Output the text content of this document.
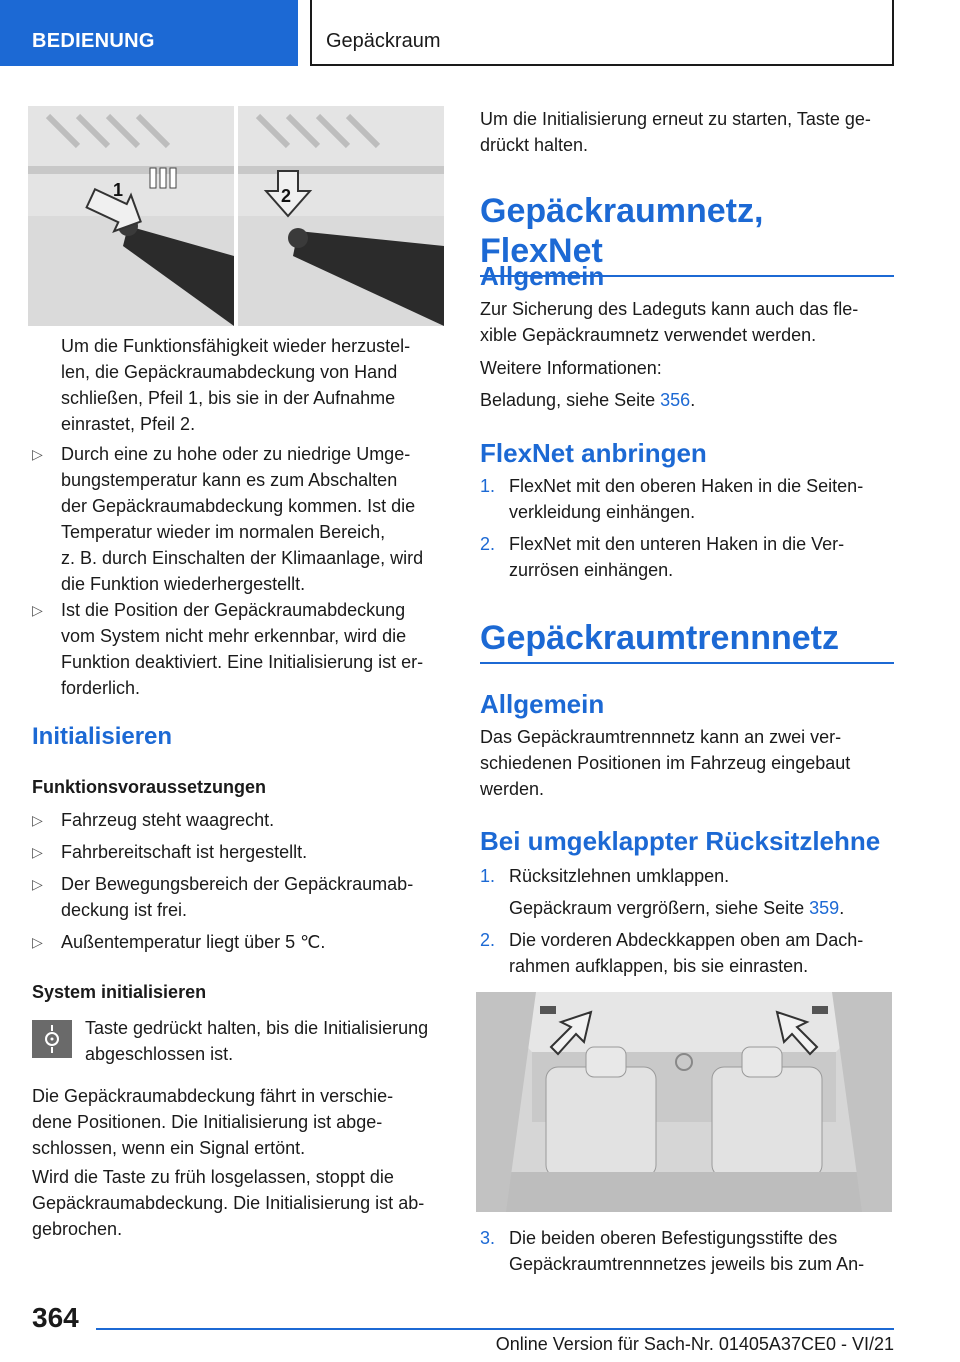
BEDIENUNG	Gepäckraum
1	2

Um die Funktionsfähigkeit wieder herzustel-
len, die Gepäckraumabdeckung von Hand
schließen, Pfeil 1, bis sie in der Aufnahme
einrastet, Pfeil 2.

▷ Durch eine zu hohe oder zu niedrige Umge-
bungstemperatur kann es zum Abschalten
der Gepäckraumabdeckung kommen. Ist die
Temperatur wieder im normalen Bereich,
z. B. durch Einschalten der Klimaanlage, wird
die Funktion wiederhergestellt.

▷ Ist die Position der Gepäckraumabdeckung
vom System nicht mehr erkennbar, wird die
Funktion deaktiviert. Eine Initialisierung ist er-
forderlich.

Initialisieren
Funktionsvoraussetzungen
▷ Fahrzeug steht waagrecht.

▷ Fahrbereitschaft ist hergestellt.

▷ Der Bewegungsbereich der Gepäckraumab-
deckung ist frei.

▷ Außentemperatur liegt über 5 ℃.

System initialisieren

Taste gedrückt halten, bis die Initialisierung
abgeschlossen ist.

Die Gepäckraumabdeckung fährt in verschie-
dene Positionen. Die Initialisierung ist abge-
schlossen, wenn ein Signal ertönt.

Wird die Taste zu früh losgelassen, stoppt die
Gepäckraumabdeckung. Die Initialisierung ist ab-
gebrochen.

Um die Initialisierung erneut zu starten, Taste ge-
drückt halten.

Gepäckraumnetz, FlexNet
Allgemein

Zur Sicherung des Ladeguts kann auch das fle-
xible Gepäckraumnetz verwendet werden.

Weitere Informationen:

Beladung, siehe Seite 356.

FlexNet anbringen
1. FlexNet mit den oberen Haken in die Seiten-
verkleidung einhängen.

2. FlexNet mit den unteren Haken in die Ver-
zurrösen einhängen.

Gepäckraumtrennnetz
Allgemein

Das Gepäckraumtrennnetz kann an zwei ver-
schiedenen Positionen im Fahrzeug eingebaut
werden.

Bei umgeklappter Rücksitzlehne
1. Rücksitzlehnen umklappen.

Gepäckraum vergrößern, siehe Seite 359.

2. Die vorderen Abdeckkappen oben am Dach-
rahmen aufklappen, bis sie einrasten.

3. Die beiden oberen Befestigungsstifte des
Gepäckraumtrennnetzes jeweils bis zum An-

364
Online Version für Sach-Nr. 01405A37CE0 - VI/21
